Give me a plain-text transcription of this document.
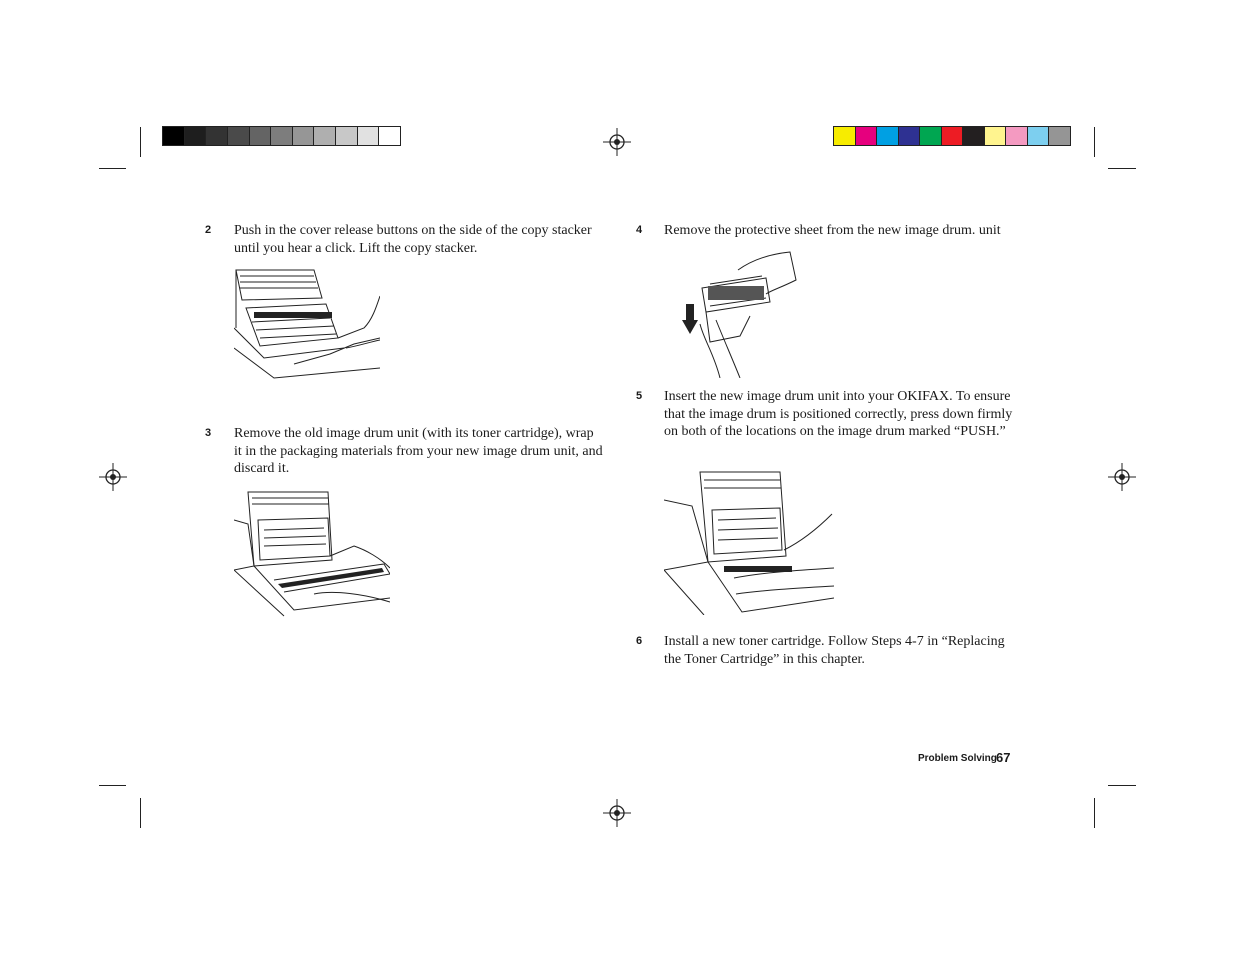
2 Push in the cover release buttons on the side of the copy stacker until you hear a click. Lift the copy stacker.
3 Remove the old image drum unit (with its toner cartridge), wrap it in the packaging materials from your new image drum unit, and discard it.
4 Remove the protective sheet from the new image drum. unit
5 Insert the new image drum unit into your OKIFAX. To ensure that the image drum is positioned correctly, press down firmly on both of the locations on the image drum marked “PUSH.”
6 Install a new toner cartridge. Follow Steps 4-7 in “Replacing the Toner Cartridge” in this chapter.
Problem Solving 67
